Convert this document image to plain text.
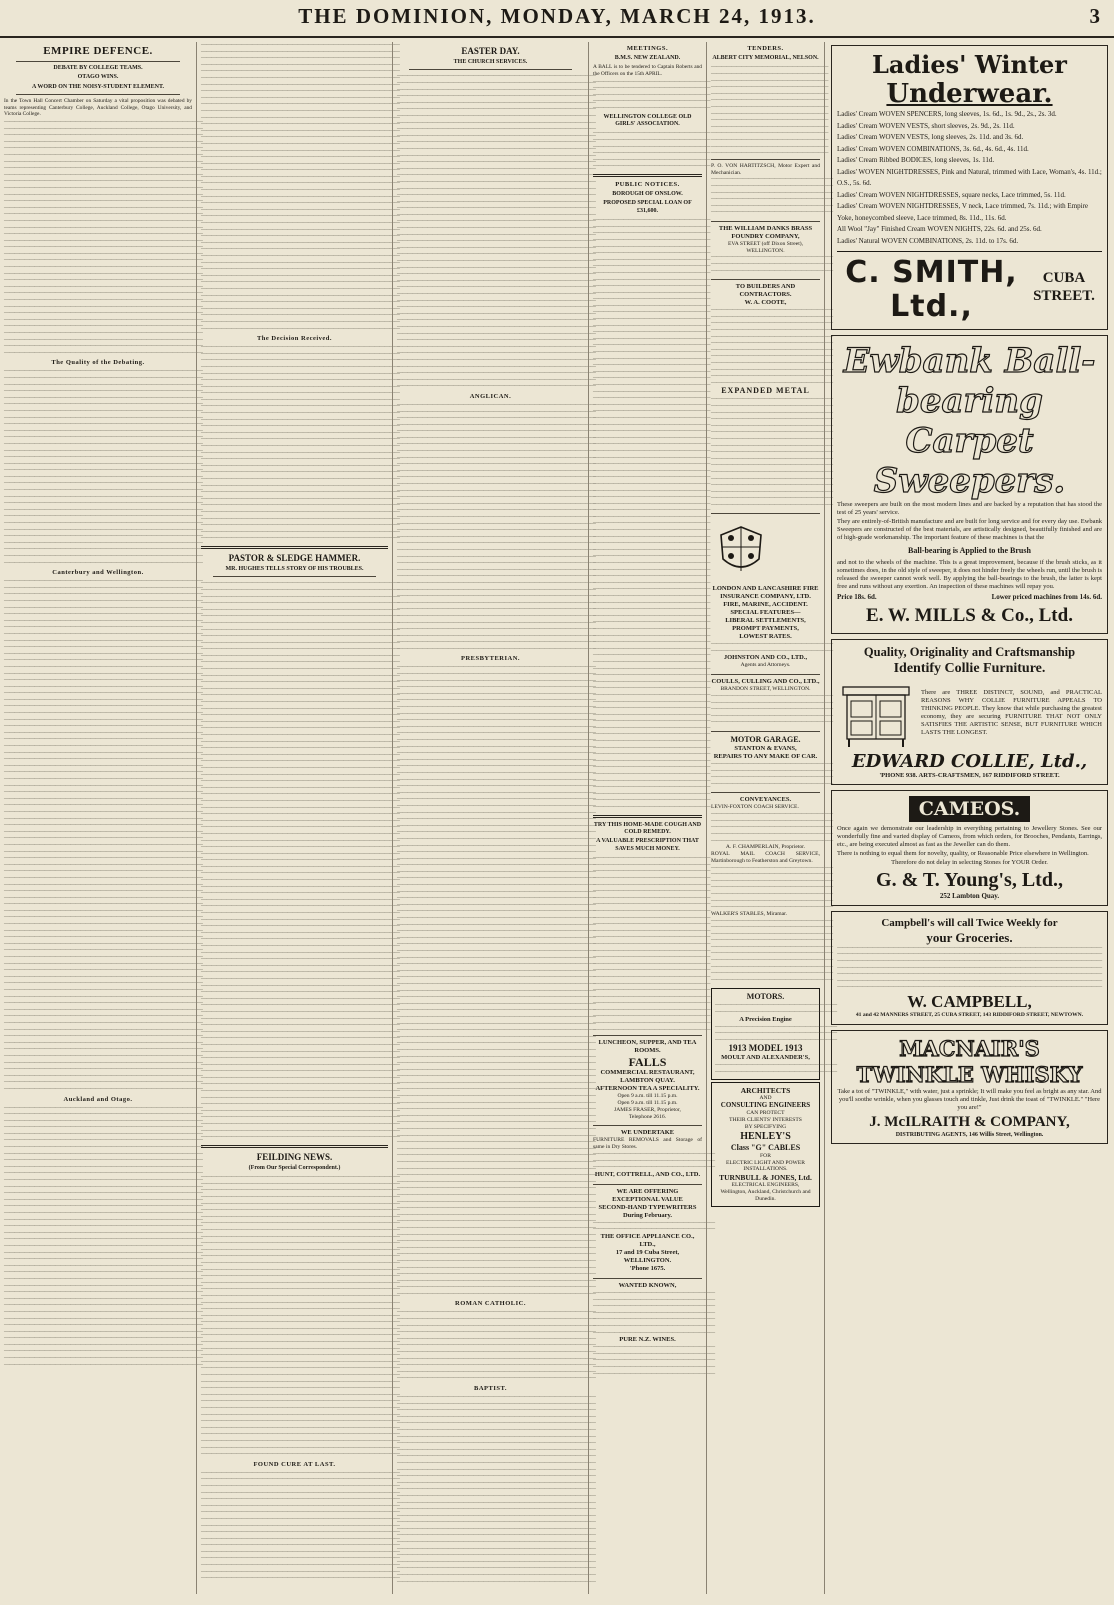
THE DOMINION, MONDAY, MARCH 24, 1913.	3
EMPIRE DEFENCE.
DEBATE BY COLLEGE TEAMS.
OTAGO WINS.
A WORD ON THE NOISY-STUDENT ELEMENT.

In the Town Hall Concert Chamber on Saturday a vital proposition was debated by teams representing Canterbury College, Auckland College, Otago University, and Victoria College.

———————————————————————————————————————
———————————————————————————————————————
———————————————————————————————————————
———————————————————————————————————————
———————————————————————————————————————
———————————————————————————————————————
———————————————————————————————————————
———————————————————————————————————————
———————————————————————————————————————
———————————————————————————————————————
———————————————————————————————————————
———————————————————————————————————————
———————————————————————————————————————
———————————————————————————————————————
———————————————————————————————————————
———————————————————————————————————————
———————————————————————————————————————
———————————————————————————————————————
———————————————————————————————————————
———————————————————————————————————————
———————————————————————————————————————
———————————————————————————————————————
———————————————————————————————————————
———————————————————————————————————————
———————————————————————————————————————
———————————————————————————————————————
———————————————————————————————————————
———————————————————————————————————————
———————————————————————————————————————
———————————————————————————————————————
———————————————————————————————————————
———————————————————————————————————————
———————————————————————————————————————
———————————————————————————————————————
———————————————————————————————————————
———————————————————————————————————————
The Quality of the Debating.
———————————————————————————————————————
———————————————————————————————————————
———————————————————————————————————————
———————————————————————————————————————
———————————————————————————————————————
———————————————————————————————————————
———————————————————————————————————————
———————————————————————————————————————
———————————————————————————————————————
———————————————————————————————————————
———————————————————————————————————————
———————————————————————————————————————
———————————————————————————————————————
———————————————————————————————————————
———————————————————————————————————————
———————————————————————————————————————
———————————————————————————————————————
———————————————————————————————————————
———————————————————————————————————————
———————————————————————————————————————
———————————————————————————————————————
———————————————————————————————————————
———————————————————————————————————————
———————————————————————————————————————
———————————————————————————————————————
———————————————————————————————————————
———————————————————————————————————————
———————————————————————————————————————
———————————————————————————————————————
———————————————————————————————————————
Canterbury and Wellington.
———————————————————————————————————————
———————————————————————————————————————
———————————————————————————————————————
———————————————————————————————————————
———————————————————————————————————————
———————————————————————————————————————
———————————————————————————————————————
———————————————————————————————————————
———————————————————————————————————————
———————————————————————————————————————
———————————————————————————————————————
———————————————————————————————————————
———————————————————————————————————————
———————————————————————————————————————
———————————————————————————————————————
———————————————————————————————————————
———————————————————————————————————————
———————————————————————————————————————
———————————————————————————————————————
———————————————————————————————————————
———————————————————————————————————————
———————————————————————————————————————
———————————————————————————————————————
———————————————————————————————————————
———————————————————————————————————————
———————————————————————————————————————
———————————————————————————————————————
———————————————————————————————————————
———————————————————————————————————————
———————————————————————————————————————
———————————————————————————————————————
———————————————————————————————————————
———————————————————————————————————————
———————————————————————————————————————
———————————————————————————————————————
———————————————————————————————————————
———————————————————————————————————————
———————————————————————————————————————
———————————————————————————————————————
———————————————————————————————————————
———————————————————————————————————————
———————————————————————————————————————
———————————————————————————————————————
———————————————————————————————————————
———————————————————————————————————————
———————————————————————————————————————
———————————————————————————————————————
———————————————————————————————————————
———————————————————————————————————————
———————————————————————————————————————
———————————————————————————————————————
———————————————————————————————————————
———————————————————————————————————————
———————————————————————————————————————
———————————————————————————————————————
———————————————————————————————————————
———————————————————————————————————————
———————————————————————————————————————
———————————————————————————————————————
———————————————————————————————————————
———————————————————————————————————————
———————————————————————————————————————
———————————————————————————————————————
———————————————————————————————————————
———————————————————————————————————————
———————————————————————————————————————
———————————————————————————————————————
———————————————————————————————————————
———————————————————————————————————————
———————————————————————————————————————
———————————————————————————————————————
———————————————————————————————————————
———————————————————————————————————————
———————————————————————————————————————
———————————————————————————————————————
———————————————————————————————————————
———————————————————————————————————————
———————————————————————————————————————
Auckland and Otago.
———————————————————————————————————————
———————————————————————————————————————
———————————————————————————————————————
———————————————————————————————————————
———————————————————————————————————————
———————————————————————————————————————
———————————————————————————————————————
———————————————————————————————————————
———————————————————————————————————————
———————————————————————————————————————
———————————————————————————————————————
———————————————————————————————————————
———————————————————————————————————————
———————————————————————————————————————
———————————————————————————————————————
———————————————————————————————————————
———————————————————————————————————————
———————————————————————————————————————
———————————————————————————————————————
———————————————————————————————————————
———————————————————————————————————————
———————————————————————————————————————
———————————————————————————————————————
———————————————————————————————————————
———————————————————————————————————————
———————————————————————————————————————
———————————————————————————————————————
———————————————————————————————————————
———————————————————————————————————————
———————————————————————————————————————
———————————————————————————————————————
———————————————————————————————————————
———————————————————————————————————————
———————————————————————————————————————
———————————————————————————————————————
———————————————————————————————————————
———————————————————————————————————————
———————————————————————————————————————
———————————————————————————————————————
———————————————————————————————————————
———————————————————————————————————————
———————————————————————————————————————
———————————————————————————————————————
———————————————————————————————————————
———————————————————————————————————————
———————————————————————————————————————
———————————————————————————————————————
———————————————————————————————————————
———————————————————————————————————————
———————————————————————————————————————
———————————————————————————————————————
———————————————————————————————————————
———————————————————————————————————————
———————————————————————————————————————
———————————————————————————————————————
———————————————————————————————————————
———————————————————————————————————————
———————————————————————————————————————
———————————————————————————————————————
———————————————————————————————————————
———————————————————————————————————————
———————————————————————————————————————
———————————————————————————————————————
———————————————————————————————————————
———————————————————————————————————————
———————————————————————————————————————
———————————————————————————————————————
———————————————————————————————————————
———————————————————————————————————————
———————————————————————————————————————
———————————————————————————————————————
———————————————————————————————————————
———————————————————————————————————————
———————————————————————————————————————
———————————————————————————————————————
———————————————————————————————————————
———————————————————————————————————————
———————————————————————————————————————
———————————————————————————————————————
———————————————————————————————————————
———————————————————————————————————————
———————————————————————————————————————
———————————————————————————————————————
———————————————————————————————————————
The Decision Received.
———————————————————————————————————————
———————————————————————————————————————
———————————————————————————————————————
———————————————————————————————————————
———————————————————————————————————————
———————————————————————————————————————
———————————————————————————————————————
———————————————————————————————————————
———————————————————————————————————————
———————————————————————————————————————
———————————————————————————————————————
———————————————————————————————————————
———————————————————————————————————————
———————————————————————————————————————
———————————————————————————————————————
———————————————————————————————————————
———————————————————————————————————————
———————————————————————————————————————
———————————————————————————————————————
———————————————————————————————————————
———————————————————————————————————————
———————————————————————————————————————
———————————————————————————————————————
———————————————————————————————————————
———————————————————————————————————————
———————————————————————————————————————
———————————————————————————————————————
———————————————————————————————————————
———————————————————————————————————————
———————————————————————————————————————
PASTOR & SLEDGE HAMMER.
MR. HUGHES TELLS STORY OF HIS TROUBLES.
———————————————————————————————————————
———————————————————————————————————————
———————————————————————————————————————
———————————————————————————————————————
———————————————————————————————————————
———————————————————————————————————————
———————————————————————————————————————
———————————————————————————————————————
———————————————————————————————————————
———————————————————————————————————————
———————————————————————————————————————
———————————————————————————————————————
———————————————————————————————————————
———————————————————————————————————————
———————————————————————————————————————
———————————————————————————————————————
———————————————————————————————————————
———————————————————————————————————————
———————————————————————————————————————
———————————————————————————————————————
———————————————————————————————————————
———————————————————————————————————————
———————————————————————————————————————
———————————————————————————————————————
———————————————————————————————————————
———————————————————————————————————————
———————————————————————————————————————
———————————————————————————————————————
———————————————————————————————————————
———————————————————————————————————————
———————————————————————————————————————
———————————————————————————————————————
———————————————————————————————————————
———————————————————————————————————————
———————————————————————————————————————
———————————————————————————————————————
———————————————————————————————————————
———————————————————————————————————————
———————————————————————————————————————
———————————————————————————————————————
———————————————————————————————————————
———————————————————————————————————————
———————————————————————————————————————
———————————————————————————————————————
———————————————————————————————————————
———————————————————————————————————————
———————————————————————————————————————
———————————————————————————————————————
———————————————————————————————————————
———————————————————————————————————————
———————————————————————————————————————
———————————————————————————————————————
———————————————————————————————————————
———————————————————————————————————————
———————————————————————————————————————
———————————————————————————————————————
———————————————————————————————————————
———————————————————————————————————————
———————————————————————————————————————
———————————————————————————————————————
———————————————————————————————————————
———————————————————————————————————————
———————————————————————————————————————
———————————————————————————————————————
———————————————————————————————————————
———————————————————————————————————————
———————————————————————————————————————
———————————————————————————————————————
———————————————————————————————————————
———————————————————————————————————————
———————————————————————————————————————
———————————————————————————————————————
———————————————————————————————————————
———————————————————————————————————————
———————————————————————————————————————
———————————————————————————————————————
———————————————————————————————————————
———————————————————————————————————————
———————————————————————————————————————
———————————————————————————————————————
———————————————————————————————————————
———————————————————————————————————————
———————————————————————————————————————
———————————————————————————————————————
———————————————————————————————————————
FEILDING NEWS.
(From Our Special Correspondent.)
———————————————————————————————————————
———————————————————————————————————————
———————————————————————————————————————
———————————————————————————————————————
———————————————————————————————————————
———————————————————————————————————————
———————————————————————————————————————
———————————————————————————————————————
———————————————————————————————————————
———————————————————————————————————————
———————————————————————————————————————
———————————————————————————————————————
———————————————————————————————————————
———————————————————————————————————————
———————————————————————————————————————
———————————————————————————————————————
———————————————————————————————————————
———————————————————————————————————————
———————————————————————————————————————
———————————————————————————————————————
———————————————————————————————————————
———————————————————————————————————————
———————————————————————————————————————
———————————————————————————————————————
———————————————————————————————————————
———————————————————————————————————————
———————————————————————————————————————
———————————————————————————————————————
———————————————————————————————————————
———————————————————————————————————————
———————————————————————————————————————
———————————————————————————————————————
———————————————————————————————————————
———————————————————————————————————————
———————————————————————————————————————
———————————————————————————————————————
———————————————————————————————————————
———————————————————————————————————————
———————————————————————————————————————
———————————————————————————————————————
———————————————————————————————————————
———————————————————————————————————————
———————————————————————————————————————
FOUND CURE AT LAST.
———————————————————————————————————————
———————————————————————————————————————
———————————————————————————————————————
———————————————————————————————————————
———————————————————————————————————————
———————————————————————————————————————
———————————————————————————————————————
———————————————————————————————————————
———————————————————————————————————————
———————————————————————————————————————
———————————————————————————————————————
———————————————————————————————————————
———————————————————————————————————————
———————————————————————————————————————
———————————————————————————————————————
———————————————————————————————————————
———————————————————————————————————————
EASTER DAY.
THE CHURCH SERVICES.
———————————————————————————————————————
———————————————————————————————————————
———————————————————————————————————————
———————————————————————————————————————
———————————————————————————————————————
———————————————————————————————————————
———————————————————————————————————————
———————————————————————————————————————
———————————————————————————————————————
———————————————————————————————————————
———————————————————————————————————————
———————————————————————————————————————
———————————————————————————————————————
———————————————————————————————————————
———————————————————————————————————————
———————————————————————————————————————
———————————————————————————————————————
———————————————————————————————————————
———————————————————————————————————————
———————————————————————————————————————
———————————————————————————————————————
———————————————————————————————————————
———————————————————————————————————————
———————————————————————————————————————
———————————————————————————————————————
———————————————————————————————————————
———————————————————————————————————————
———————————————————————————————————————
———————————————————————————————————————
———————————————————————————————————————
———————————————————————————————————————
———————————————————————————————————————
———————————————————————————————————————
———————————————————————————————————————
———————————————————————————————————————
———————————————————————————————————————
———————————————————————————————————————
———————————————————————————————————————
———————————————————————————————————————
———————————————————————————————————————
———————————————————————————————————————
———————————————————————————————————————
———————————————————————————————————————
———————————————————————————————————————
———————————————————————————————————————
———————————————————————————————————————
———————————————————————————————————————
———————————————————————————————————————
ANGLICAN.
———————————————————————————————————————
———————————————————————————————————————
———————————————————————————————————————
———————————————————————————————————————
———————————————————————————————————————
———————————————————————————————————————
———————————————————————————————————————
———————————————————————————————————————
———————————————————————————————————————
———————————————————————————————————————
———————————————————————————————————————
———————————————————————————————————————
———————————————————————————————————————
———————————————————————————————————————
———————————————————————————————————————
———————————————————————————————————————
———————————————————————————————————————
———————————————————————————————————————
———————————————————————————————————————
———————————————————————————————————————
———————————————————————————————————————
———————————————————————————————————————
———————————————————————————————————————
———————————————————————————————————————
———————————————————————————————————————
———————————————————————————————————————
———————————————————————————————————————
———————————————————————————————————————
———————————————————————————————————————
———————————————————————————————————————
———————————————————————————————————————
———————————————————————————————————————
———————————————————————————————————————
———————————————————————————————————————
———————————————————————————————————————
———————————————————————————————————————
———————————————————————————————————————
———————————————————————————————————————
PRESBYTERIAN.
———————————————————————————————————————
———————————————————————————————————————
———————————————————————————————————————
———————————————————————————————————————
———————————————————————————————————————
———————————————————————————————————————
———————————————————————————————————————
———————————————————————————————————————
———————————————————————————————————————
———————————————————————————————————————
———————————————————————————————————————
———————————————————————————————————————
———————————————————————————————————————
———————————————————————————————————————
———————————————————————————————————————
———————————————————————————————————————
———————————————————————————————————————
———————————————————————————————————————
———————————————————————————————————————
———————————————————————————————————————
———————————————————————————————————————
———————————————————————————————————————
———————————————————————————————————————
———————————————————————————————————————
———————————————————————————————————————
———————————————————————————————————————
———————————————————————————————————————
———————————————————————————————————————
———————————————————————————————————————
———————————————————————————————————————
———————————————————————————————————————
———————————————————————————————————————
———————————————————————————————————————
———————————————————————————————————————
———————————————————————————————————————
———————————————————————————————————————
———————————————————————————————————————
———————————————————————————————————————
———————————————————————————————————————
———————————————————————————————————————
———————————————————————————————————————
———————————————————————————————————————
———————————————————————————————————————
———————————————————————————————————————
———————————————————————————————————————
———————————————————————————————————————
———————————————————————————————————————
———————————————————————————————————————
———————————————————————————————————————
———————————————————————————————————————
———————————————————————————————————————
———————————————————————————————————————
———————————————————————————————————————
———————————————————————————————————————
———————————————————————————————————————
———————————————————————————————————————
———————————————————————————————————————
———————————————————————————————————————
———————————————————————————————————————
———————————————————————————————————————
———————————————————————————————————————
———————————————————————————————————————
———————————————————————————————————————
———————————————————————————————————————
———————————————————————————————————————
———————————————————————————————————————
———————————————————————————————————————
———————————————————————————————————————
———————————————————————————————————————
———————————————————————————————————————
———————————————————————————————————————
———————————————————————————————————————
———————————————————————————————————————
———————————————————————————————————————
———————————————————————————————————————
———————————————————————————————————————
———————————————————————————————————————
———————————————————————————————————————
———————————————————————————————————————
———————————————————————————————————————
———————————————————————————————————————
———————————————————————————————————————
———————————————————————————————————————
———————————————————————————————————————
———————————————————————————————————————
———————————————————————————————————————
———————————————————————————————————————
———————————————————————————————————————
———————————————————————————————————————
———————————————————————————————————————
———————————————————————————————————————
———————————————————————————————————————
———————————————————————————————————————
———————————————————————————————————————
———————————————————————————————————————
———————————————————————————————————————
ROMAN CATHOLIC.
———————————————————————————————————————
———————————————————————————————————————
———————————————————————————————————————
———————————————————————————————————————
———————————————————————————————————————
———————————————————————————————————————
———————————————————————————————————————
———————————————————————————————————————
———————————————————————————————————————
———————————————————————————————————————
———————————————————————————————————————
BAPTIST.
———————————————————————————————————————
———————————————————————————————————————
———————————————————————————————————————
———————————————————————————————————————
———————————————————————————————————————
———————————————————————————————————————
———————————————————————————————————————
———————————————————————————————————————
———————————————————————————————————————
———————————————————————————————————————
———————————————————————————————————————
———————————————————————————————————————
———————————————————————————————————————
———————————————————————————————————————
———————————————————————————————————————
———————————————————————————————————————
———————————————————————————————————————
———————————————————————————————————————
———————————————————————————————————————
———————————————————————————————————————
———————————————————————————————————————
———————————————————————————————————————
———————————————————————————————————————
———————————————————————————————————————
———————————————————————————————————————
———————————————————————————————————————
———————————————————————————————————————
———————————————————————————————————————
———————————————————————————————————————
MEETINGS.
B.M.S. NEW ZEALAND.

A BALL is to be tendered to Captain Roberts and the Officers on the 15th APRIL.

———————————————————————
———————————————————————
———————————————————————
———————————————————————
———————————————————————
WELLINGTON COLLEGE OLD GIRLS' ASSOCIATION.
———————————————————————
———————————————————————
———————————————————————
———————————————————————
———————————————————————
———————————————————————
PUBLIC NOTICES.
BOROUGH OF ONSLOW.
PROPOSED SPECIAL LOAN OF £31,600.
———————————————————————
———————————————————————
———————————————————————
———————————————————————
———————————————————————
———————————————————————
———————————————————————
———————————————————————
———————————————————————
———————————————————————
———————————————————————
———————————————————————
———————————————————————
———————————————————————
———————————————————————
———————————————————————
———————————————————————
———————————————————————
———————————————————————
———————————————————————
———————————————————————
———————————————————————
———————————————————————
———————————————————————
———————————————————————
———————————————————————
———————————————————————
———————————————————————
———————————————————————
———————————————————————
———————————————————————
———————————————————————
———————————————————————
———————————————————————
———————————————————————
———————————————————————
———————————————————————
———————————————————————
———————————————————————
———————————————————————
———————————————————————
———————————————————————
———————————————————————
———————————————————————
———————————————————————
———————————————————————
———————————————————————
———————————————————————
———————————————————————
———————————————————————
———————————————————————
———————————————————————
———————————————————————
———————————————————————
———————————————————————
———————————————————————
———————————————————————
———————————————————————
———————————————————————
———————————————————————
———————————————————————
———————————————————————
———————————————————————
———————————————————————
———————————————————————
———————————————————————
———————————————————————
———————————————————————
———————————————————————
———————————————————————
———————————————————————
———————————————————————
———————————————————————
———————————————————————
———————————————————————
———————————————————————
———————————————————————
———————————————————————
———————————————————————
———————————————————————
———————————————————————
———————————————————————
———————————————————————
———————————————————————
———————————————————————
———————————————————————
———————————————————————
———————————————————————
———————————————————————
———————————————————————
TRY THIS HOME-MADE COUGH AND COLD REMEDY.
A VALUABLE PRESCRIPTION THAT SAVES MUCH MONEY.
———————————————————————
———————————————————————
———————————————————————
———————————————————————
———————————————————————
———————————————————————
———————————————————————
———————————————————————
———————————————————————
———————————————————————
———————————————————————
———————————————————————
———————————————————————
———————————————————————
———————————————————————
———————————————————————
———————————————————————
———————————————————————
———————————————————————
———————————————————————
———————————————————————
———————————————————————
———————————————————————
———————————————————————
———————————————————————
———————————————————————
———————————————————————
LUNCHEON, SUPPER, AND TEA ROOMS.
FALLS
COMMERCIAL RESTAURANT,
LAMBTON QUAY.
AFTERNOON TEA A SPECIALITY.
Open 9 a.m. till 11.15 p.m.
Open 9 a.m. till 11.15 p.m.
JAMES FRASER, Proprietor,
Telephone 2616.
WE UNDERTAKE
FURNITURE REMOVALS and Storage of same in Dry Stores.
———————————————————————
———————————————————————
———————————————————————
HUNT, COTTRELL, AND CO., LTD.
WE ARE OFFERING
EXCEPTIONAL VALUE
SECOND-HAND TYPEWRITERS
During February.
———————————————————————
———————————————————————
THE OFFICE APPLIANCE CO., LTD.,
17 and 19 Cuba Street,
WELLINGTON.
'Phone 1675.
WANTED KNOWN,
———————————————————————
———————————————————————
———————————————————————
———————————————————————
———————————————————————
———————————————————————
———————————————————————
PURE N.Z. WINES.
———————————————————————
———————————————————————
———————————————————————
———————————————————————
———————————————————————
TENDERS.
ALBERT CITY MEMORIAL, NELSON.
———————————————————————
———————————————————————
———————————————————————
———————————————————————
———————————————————————
———————————————————————
———————————————————————
———————————————————————
———————————————————————
———————————————————————
———————————————————————
———————————————————————
———————————————————————
———————————————————————
P. O. VON HARTITZSCH, Motor Expert and Mechanician.
———————————————————————
———————————————————————
———————————————————————
———————————————————————
———————————————————————
———————————————————————
THE WILLIAM DANKS BRASS FOUNDRY COMPANY,
EVA STREET (off Dixon Street), WELLINGTON.
———————————————————————
———————————————————————
———————————————————————
TO BUILDERS AND CONTRACTORS.
W. A. COOTE,
———————————————————————
———————————————————————
———————————————————————
———————————————————————
———————————————————————
———————————————————————
———————————————————————
———————————————————————
———————————————————————
———————————————————————
———————————————————————
———————————————————————
EXPANDED METAL
———————————————————————
———————————————————————
———————————————————————
———————————————————————
———————————————————————
———————————————————————
———————————————————————
———————————————————————
———————————————————————
———————————————————————
———————————————————————
———————————————————————
———————————————————————
———————————————————————
———————————————————————
———————————————————————
———————————————————————
LONDON AND LANCASHIRE FIRE INSURANCE COMPANY, LTD.
FIRE, MARINE, ACCIDENT.
SPECIAL FEATURES—
LIBERAL SETTLEMENTS, PROMPT PAYMENTS,
LOWEST RATES.
———————————————————————
———————————————————————
JOHNSTON AND CO., LTD.,
Agents and Attorneys.
COULLS, CULLING AND CO., LTD.,
BRANDON STREET, WELLINGTON.
———————————————————————
———————————————————————
———————————————————————
———————————————————————
———————————————————————
MOTOR GARAGE.
STANTON & EVANS,
REPAIRS TO ANY MAKE OF CAR.
———————————————————————
———————————————————————
———————————————————————
———————————————————————
CONVEYANCES.
LEVIN-FOXTON COACH SERVICE.
———————————————————————
———————————————————————
———————————————————————
———————————————————————
———————————————————————
A. F. CHAMPERLAIN, Proprietor.
ROYAL MAIL COACH SERVICE, Martinborough to Featherston and Greytown.
———————————————————————
———————————————————————
———————————————————————
———————————————————————
———————————————————————
———————————————————————
———————————————————————
WALKER'S STABLES, Miramar.
———————————————————————
———————————————————————
———————————————————————
———————————————————————
———————————————————————
———————————————————————
———————————————————————
———————————————————————
———————————————————————
———————————————————————
MOTORS.
———————————————————————
———————————————————————
A Precision Engine
———————————————————————
———————————————————————
———————————————————————
1913 MODEL 1913
MOULT AND ALEXANDER'S,
———————————————————————
———————————————————————
ARCHITECTS
AND
CONSULTING ENGINEERS
CAN PROTECT
THEIR CLIENTS' INTERESTS
BY SPECIFYING
HENLEY'S
Class "G" CABLES
FOR
ELECTRIC LIGHT AND POWER INSTALLATIONS.
TURNBULL & JONES, Ltd.
ELECTRICAL ENGINEERS,
Wellington, Auckland, Christchurch and Dunedin.
Ladies' Winter
Underwear.
Ladies' Cream WOVEN SPENCERS, long sleeves, 1s. 6d., 1s. 9d., 2s., 2s. 3d.
Ladies' Cream WOVEN VESTS, short sleeves, 2s. 9d., 2s. 11d.
Ladies' Cream WOVEN VESTS, long sleeves, 2s. 11d. and 3s. 6d.
Ladies' Cream WOVEN COMBINATIONS, 3s. 6d., 4s. 6d., 4s. 11d.
Ladies' Cream Ribbed BODICES, long sleeves, 1s. 11d.
Ladies' WOVEN NIGHTDRESSES, Pink and Natural, trimmed with Lace, Woman's, 4s. 11d.; O.S., 5s. 6d.
Ladies' Cream WOVEN NIGHTDRESSES, square necks, Lace trimmed, 5s. 11d.
Ladies' Cream WOVEN NIGHTDRESSES, V neck, Lace trimmed, 7s. 11d.; with Empire Yoke, honeycombed sleeve, Lace trimmed, 8s. 11d., 11s. 6d.
All Wool "Jay" Finished Cream WOVEN NIGHTS, 22s. 6d. and 25s. 6d.
Ladies' Natural WOVEN COMBINATIONS, 2s. 11d. to 17s. 6d.
C. SMITH, Ltd.,
CUBA STREET.
Ewbank Ball-bearing
Carpet Sweepers.

These sweepers are built on the most modern lines and are backed by a reputation that has stood the test of 25 years' service.

They are entirely-of-British manufacture and are built for long service and for every day use. Ewbank Sweepers are constructed of the best materials, are artistically designed, beautifully finished and are of high-grade workmanship. The important feature of these machines is that the

Ball-bearing is Applied to the Brush

and not to the wheels of the machine. This is a great improvement, because if the brush sticks, as it sometimes does, in the old style of sweeper, it does not hinder freely the wheels run, until the brush is released the sweeper cannot work well. By applying the ball-bearings to the brush, the latter is kept free and runs without any exertion. An inspection of these machines will repay you.

Price 18s. 6d.	Lower priced machines from 14s. 6d.
E. W. MILLS & Co., Ltd.
Quality, Originality and Craftsmanship
Identify Collie Furniture.

There are THREE DISTINCT, SOUND, and PRACTICAL REASONS WHY COLLIE FURNITURE APPEALS TO THINKING PEOPLE. They know that while purchasing the greatest economy, they are securing FURNITURE THAT NOT ONLY SATISFIES THE ARTISTIC SENSE, BUT FURNITURE WHICH LASTS THE LONGEST.

EDWARD COLLIE, Ltd.,
'PHONE 938. ARTS-CRAFTSMEN, 167 RIDDIFORD STREET.
CAMEOS.

Once again we demonstrate our leadership in everything pertaining to Jewellery Stones. See our wonderfully fine and varied display of Cameos, from which orders, for Brooches, Pendants, Earrings, etc., are being executed almost as fast as the Jeweller can do them.

There is nothing to equal them for novelty, quality, or Reasonable Price elsewhere in Wellington.

Therefore do not delay in selecting Stones for YOUR Order.

G. & T. Young's, Ltd.,
252 Lambton Quay.
Campbell's will call Twice Weekly for
your Groceries.
————————————————————————————————————————————————————
————————————————————————————————————————————————————
————————————————————————————————————————————————————
————————————————————————————————————————————————————
————————————————————————————————————————————————————
————————————————————————————————————————————————————
————————————————————————————————————————————————————
W. CAMPBELL,
41 and 42 MANNERS STREET, 25 CUBA STREET, 143 RIDDIFORD STREET, NEWTOWN.
MACNAIR'S TWINKLE WHISKY

Take a tot of "TWINKLE," with water, just a sprinkle; It will make you feel as bright as any star. And you'll soothe wrinkle, when you glasses touch and tinkle, Just drink the toast of "TWINKLE." "Here you are!"

J. McILRAITH & COMPANY,
DISTRIBUTING AGENTS, 146 Willis Street, Wellington.
